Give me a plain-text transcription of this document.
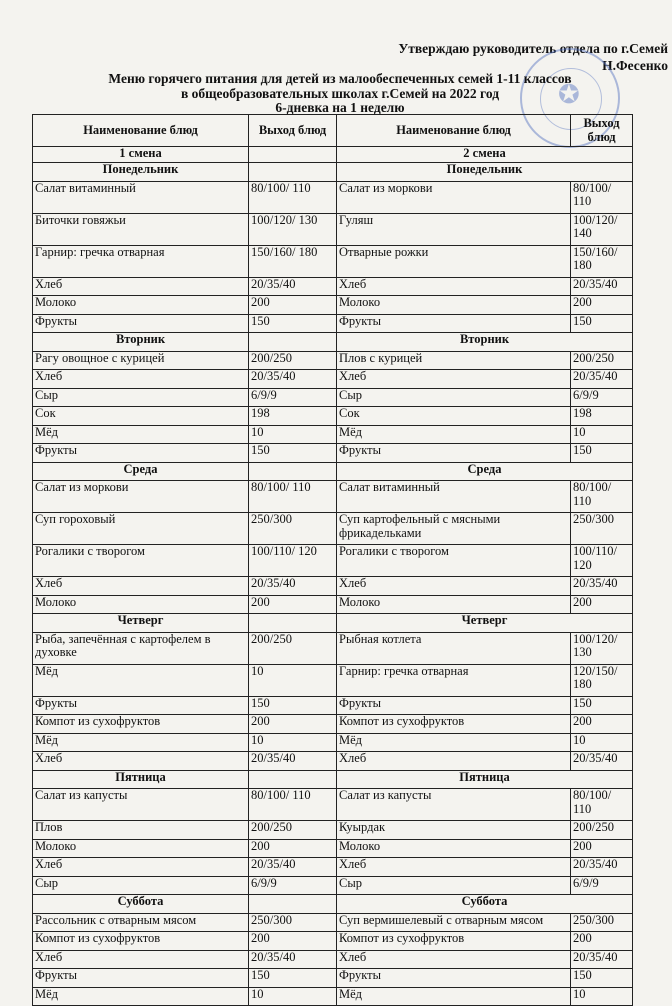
Утверждаю руководитель отдела по г.Семей
Н.Фесенко
✪
Меню горячего питания для детей из малообеспеченных семей 1-11 классов
в общеобразовательных школах г.Семей на 2022 год
6-дневка на 1 неделю
Наименование блюд	Выход блюд	Наименование блюд	Выход блюд
1 смена		2 смена	
Понедельник		Понедельник	
Салат витаминный	80/100/ 110	Салат из моркови	80/100/ 110
Биточки говяжьи	100/120/ 130	Гуляш	100/120/ 140
Гарнир: гречка отварная	150/160/ 180	Отварные рожки	150/160/ 180
Хлеб	20/35/40	Хлеб	20/35/40
Молоко	200	Молоко	200
Фрукты	150	Фрукты	150
Вторник		Вторник	
Рагу овощное с курицей	200/250	Плов с курицей	200/250
Хлеб	20/35/40	Хлеб	20/35/40
Сыр	6/9/9	Сыр	6/9/9
Сок	198	Сок	198
Мёд	10	Мёд	10
Фрукты	150	Фрукты	150
Среда		Среда	
Салат из моркови	80/100/ 110	Салат витаминный	80/100/ 110
Суп гороховый	250/300	Суп картофельный с мясными фрикадельками	250/300
Рогалики с творогом	100/110/ 120	Рогалики с творогом	100/110/ 120
Хлеб	20/35/40	Хлеб	20/35/40
Молоко	200	Молоко	200
Четверг		Четверг	
Рыба, запечённая с картофелем в духовке	200/250	Рыбная котлета	100/120/ 130
Мёд	10	Гарнир: гречка отварная	120/150/ 180
Фрукты	150	Фрукты	150
Компот из сухофруктов	200	Компот из сухофруктов	200
Мёд	10	Мёд	10
Хлеб	20/35/40	Хлеб	20/35/40
Пятница		Пятница	
Салат из капусты	80/100/ 110	Салат из капусты	80/100/ 110
Плов	200/250	Куырдак	200/250
Молоко	200	Молоко	200
Хлеб	20/35/40	Хлеб	20/35/40
Сыр	6/9/9	Сыр	6/9/9
Суббота		Суббота	
Рассольник с отварным мясом	250/300	Суп вермишелевый с отварным мясом	250/300
Компот из сухофруктов	200	Компот из сухофруктов	200
Хлеб	20/35/40	Хлеб	20/35/40
Фрукты	150	Фрукты	150
Мёд	10	Мёд	10
